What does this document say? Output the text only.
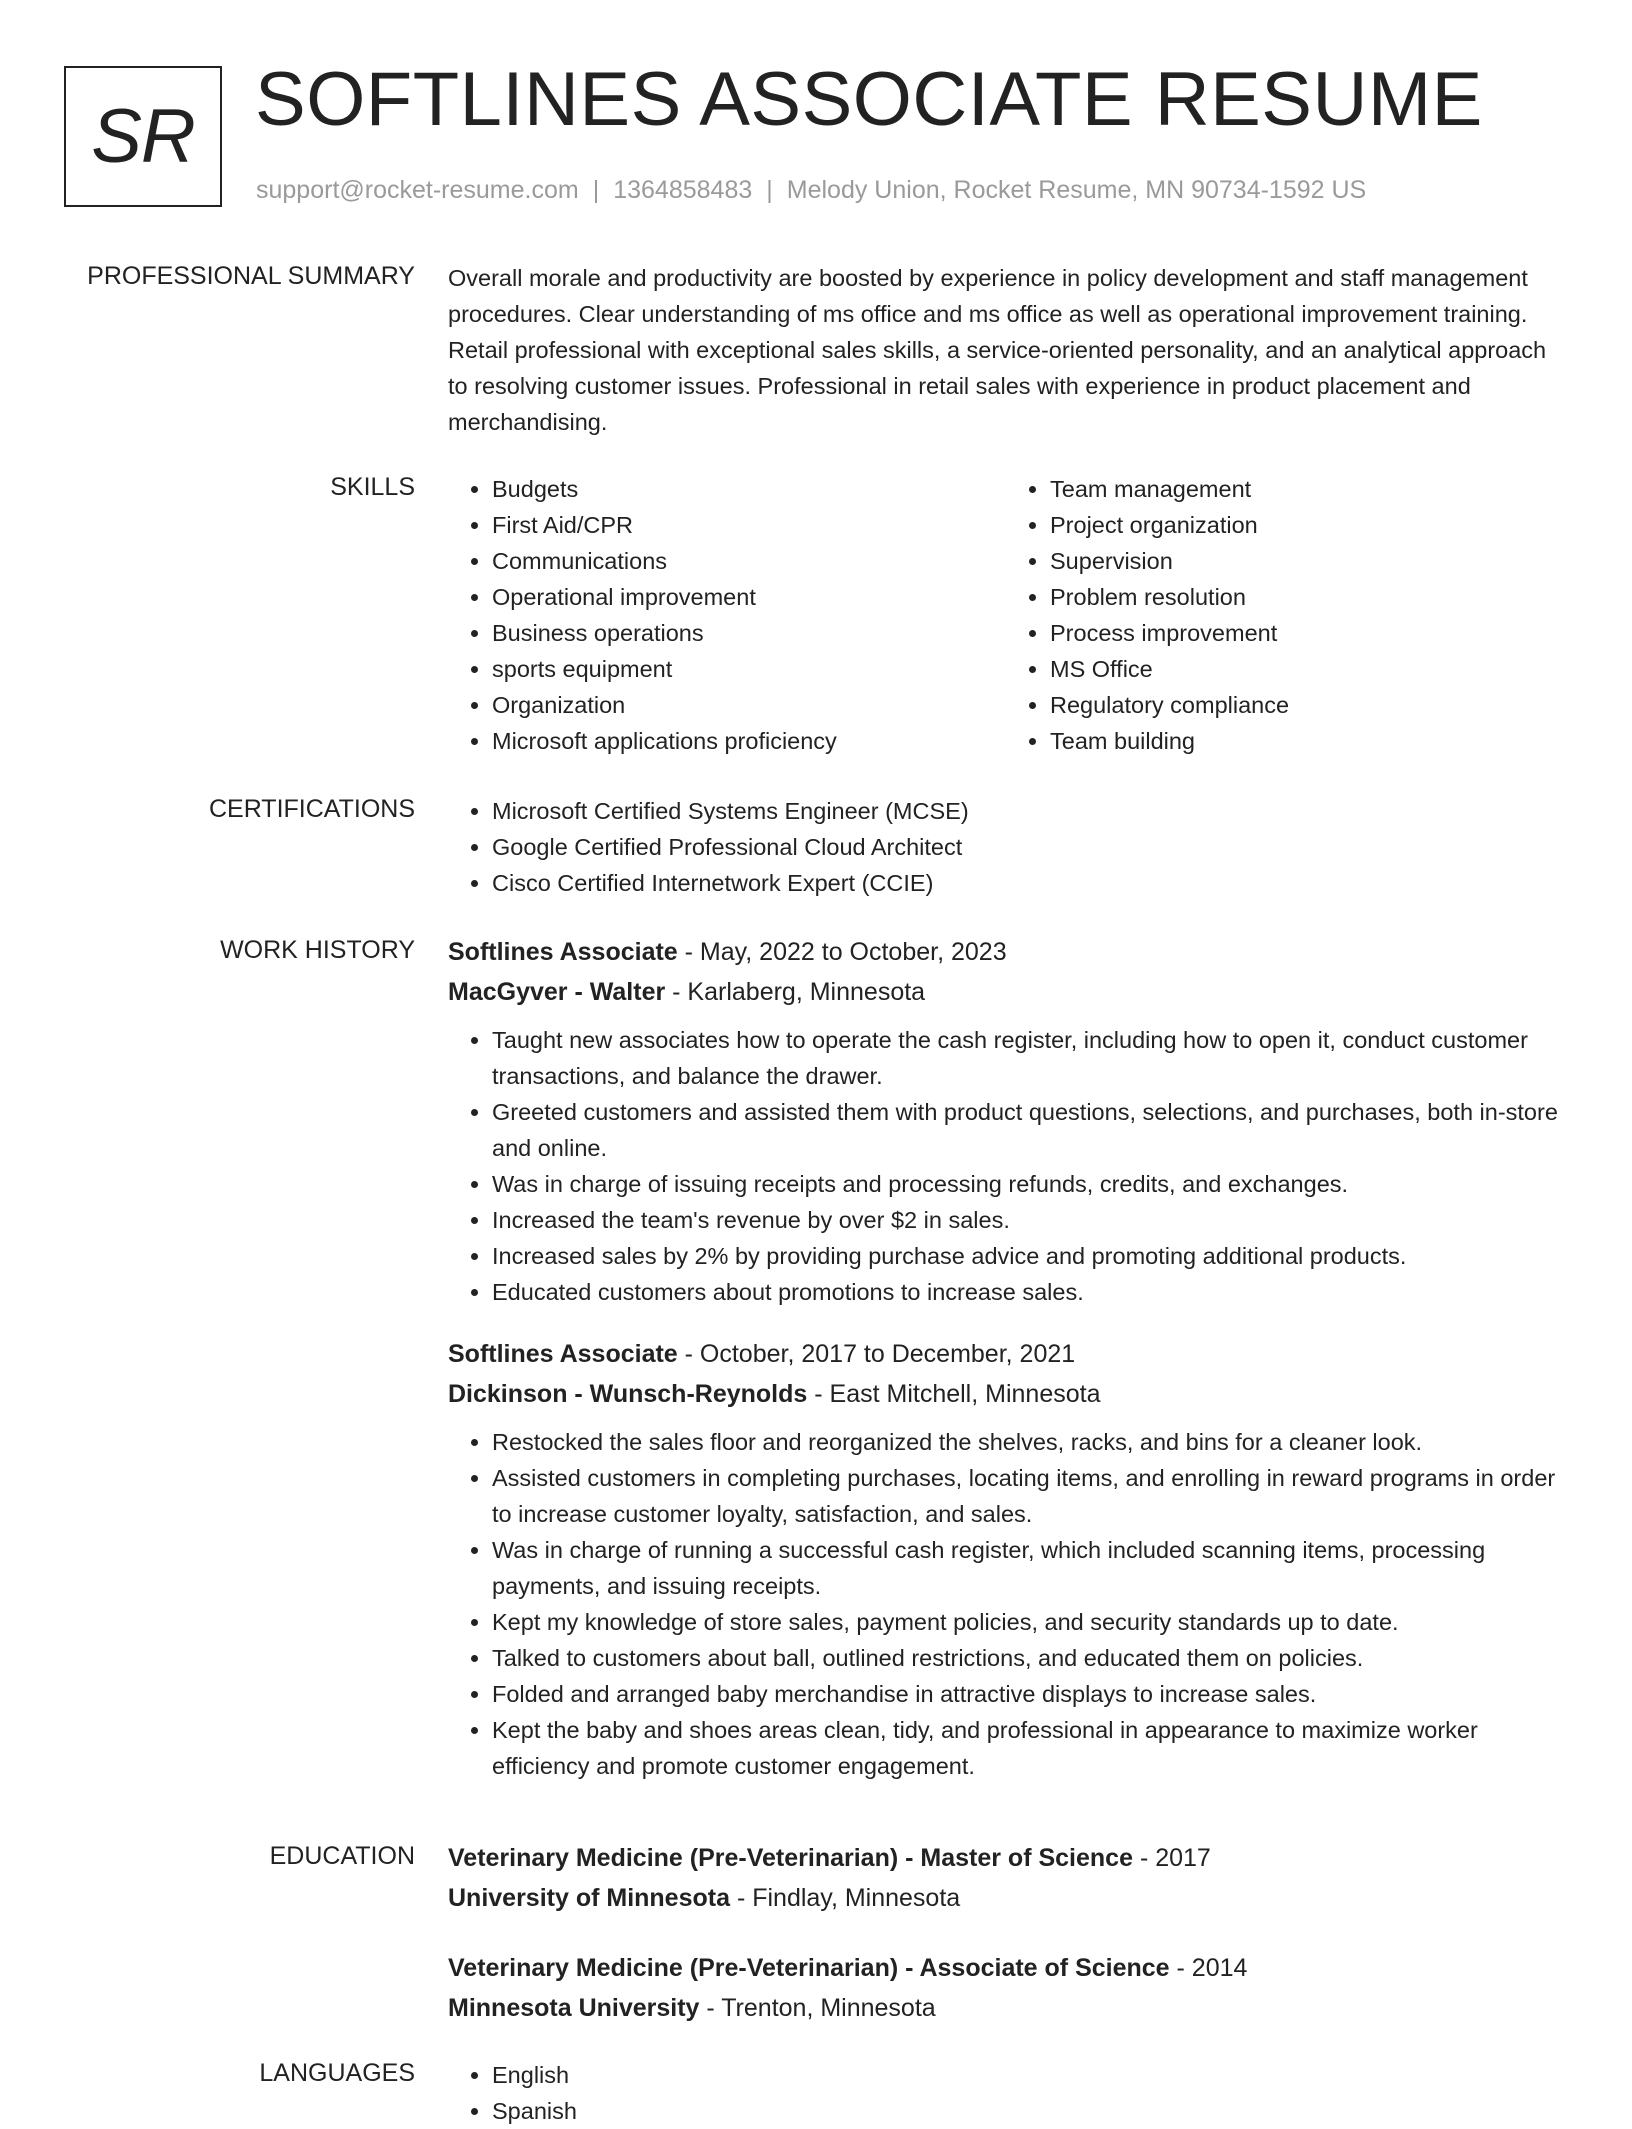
SR SOFTLINES ASSOCIATE RESUME
support@rocket-resume.com | 1364858483 | Melody Union, Rocket Resume, MN 90734-1592 US
PROFESSIONAL SUMMARY Overall morale and productivity are boosted by experience in policy development and staff management procedures. Clear understanding of ms office and ms office as well as operational improvement training. Retail professional with exceptional sales skills, a service-oriented personality, and an analytical approach to resolving customer issues. Professional in retail sales with experience in product placement and merchandising.

SKILLS	• Budgets
• First Aid/CPR
• Communications
• Operational improvement
• Business operations
• sports equipment
• Organization
• Microsoft applications proficiency
• Team management
• Project organization
• Supervision
• Problem resolution
• Process improvement
• MS Office
• Regulatory compliance
• Team building
CERTIFICATIONS	• Microsoft Certified Systems Engineer (MCSE)
• Google Certified Professional Cloud Architect
• Cisco Certified Internetwork Expert (CCIE)
WORK HISTORY Softlines Associate - May, 2022 to October, 2023
MacGyver - Walter - Karlaberg, Minnesota
• Taught new associates how to operate the cash register, including how to open it, conduct customer transactions, and balance the drawer.
• Greeted customers and assisted them with product questions, selections, and purchases, both in-store and online.
• Was in charge of issuing receipts and processing refunds, credits, and exchanges.
• Increased the team's revenue by over $2 in sales.
• Increased sales by 2% by providing purchase advice and promoting additional products.
• Educated customers about promotions to increase sales.
Softlines Associate - October, 2017 to December, 2021
Dickinson - Wunsch-Reynolds - East Mitchell, Minnesota
• Restocked the sales floor and reorganized the shelves, racks, and bins for a cleaner look.
• Assisted customers in completing purchases, locating items, and enrolling in reward programs in order to increase customer loyalty, satisfaction, and sales.
• Was in charge of running a successful cash register, which included scanning items, processing payments, and issuing receipts.
• Kept my knowledge of store sales, payment policies, and security standards up to date.
• Talked to customers about ball, outlined restrictions, and educated them on policies.
• Folded and arranged baby merchandise in attractive displays to increase sales.
• Kept the baby and shoes areas clean, tidy, and professional in appearance to maximize worker efficiency and promote customer engagement.
EDUCATION Veterinary Medicine (Pre-Veterinarian) - Master of Science - 2017
University of Minnesota - Findlay, Minnesota
Veterinary Medicine (Pre-Veterinarian) - Associate of Science - 2014
Minnesota University - Trenton, Minnesota
LANGUAGES	• English
• Spanish
